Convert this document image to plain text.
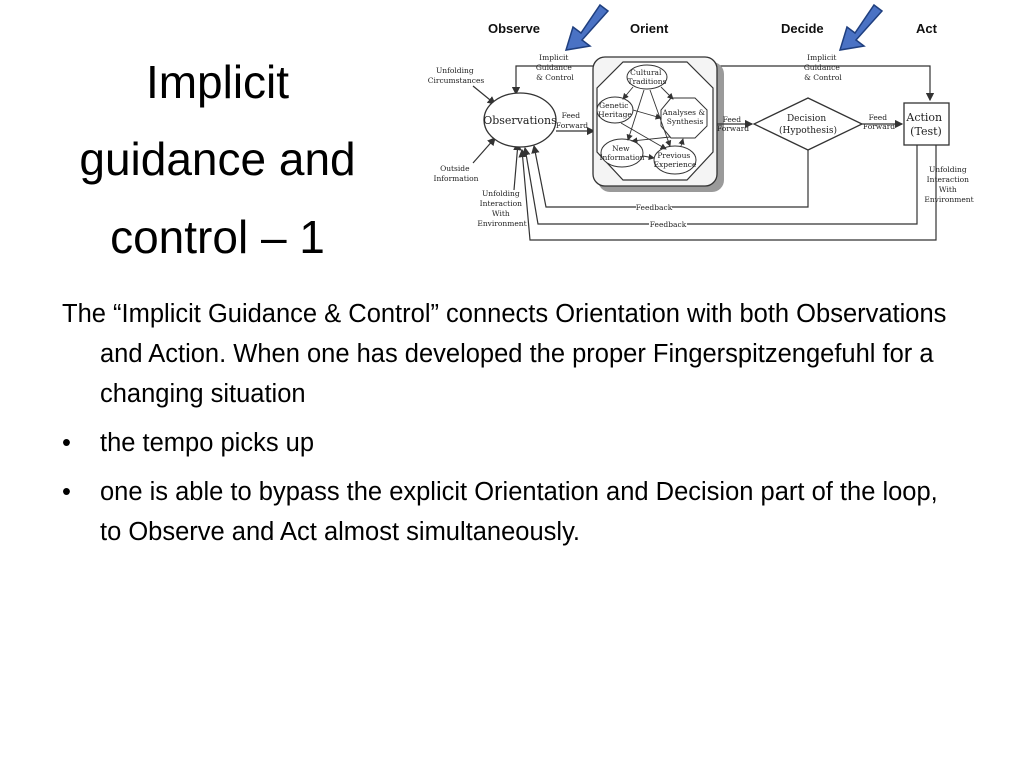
Implicit
guidance and
control – 1
Observe	Orient	Decide	Act
Implicit Guidance & Control
Implicit Guidance & Control
Unfolding Circumstances
Outside Information
Unfolding Interaction With Environment
Observations Feed Forward
Cultural Traditions
Genetic Heritage	Analyses & Synthesis
New Information	Previous Experience
Feed Forward
Decision (Hypothesis)
Feed Forward
Action (Test)
Unfolding Interaction With Environment
Feedback
Feedback

The “Implicit Guidance & Control” connects Orientation with both Observations and Action. When one has developed the proper Fingerspitzengefuhl for a changing situation

• the tempo picks up
• one is able to bypass the explicit Orientation and Decision part of the loop, to Observe and Act almost simultaneously.
